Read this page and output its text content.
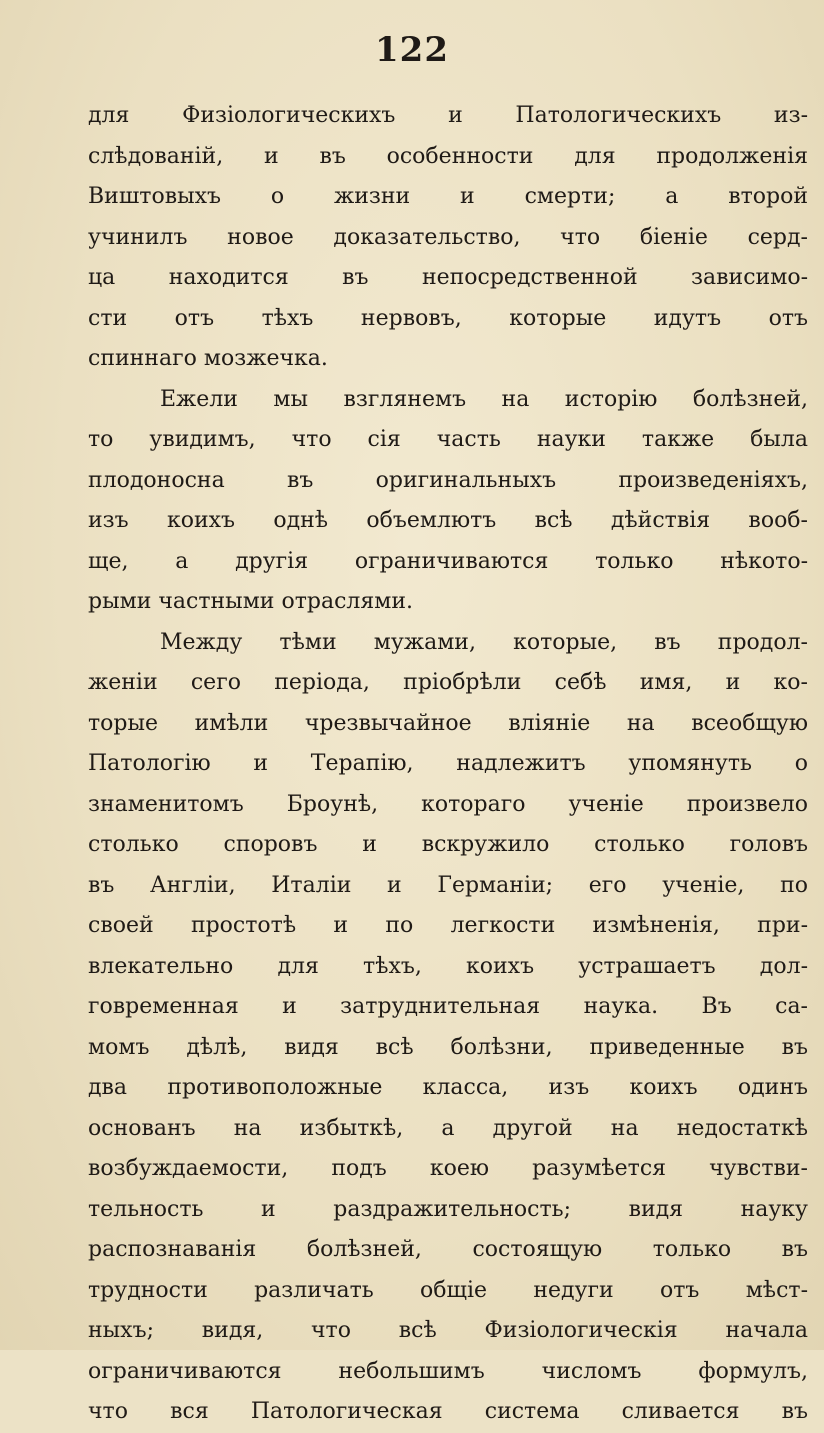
122

для Физіологическихъ и Патологическихъ из-
слѣдованій, и въ особенности для продолженія
Виштовыхъ о жизни и смерти; а второй
учинилъ новое доказательство, что біеніе серд-
ца находится въ непосредственной зависимо-
сти отъ тѣхъ нервовъ, которые идутъ отъ
спиннаго мозжечка.

Ежели мы взглянемъ на исторію болѣзней,
то увидимъ, что сія часть науки также была
плодоносна въ оригинальныхъ произведеніяхъ,
изъ коихъ однѣ объемлютъ всѣ дѣйствія вооб-
ще, а другія ограничиваются только нѣкото-
рыми частными отраслями.

Между тѣми мужами, которые, въ продол-
женіи сего періода, пріобрѣли себѣ имя, и ко-
торые имѣли чрезвычайное вліяніе на всеобщую
Патологію и Терапію, надлежитъ упомянуть о
знаменитомъ Броунѣ, котораго ученіе произвело
столько споровъ и вскружило столько головъ
въ Англіи, Италіи и Германіи; его ученіе, по
своей простотѣ и по легкости измѣненія, при-
влекательно для тѣхъ, коихъ устрашаетъ дол-
говременная и затруднительная наука. Въ са-
момъ дѣлѣ, видя всѣ болѣзни, приведенные въ
два противоположные класса, изъ коихъ одинъ
основанъ на избыткѣ, а другой на недостаткѣ
возбуждаемости, подъ коею разумѣется чувстви-
тельность и раздражительность; видя науку
распознаванія болѣзней, состоящую только въ
трудности различать общіе недуги отъ мѣст-
ныхъ; видя, что всѣ Физіологическія начала
ограничиваются небольшимъ числомъ формулъ,
что вся Патологическая система сливается въ
